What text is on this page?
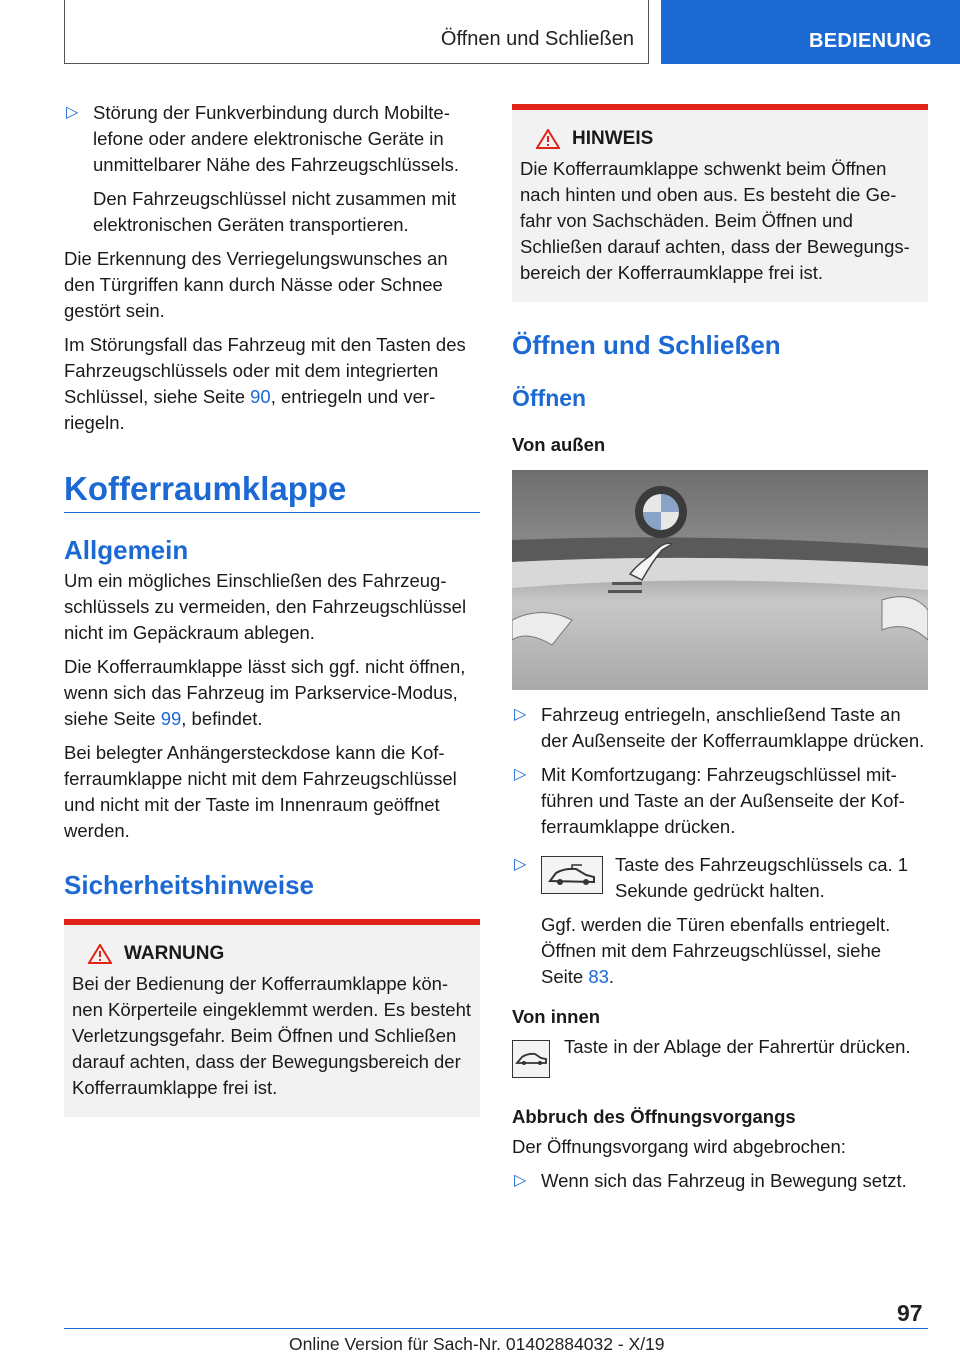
Öffnen und Schließen	BEDIENUNG
▷ Störung der Funkverbindung durch Mobiltelefone oder andere elektronische Geräte in unmittelbarer Nähe des Fahrzeugschlüssels.

Den Fahrzeugschlüssel nicht zusammen mit elektronischen Geräten transportieren.

Die Erkennung des Verriegelungswunsches an den Türgriffen kann durch Nässe oder Schnee gestört sein.

Im Störungsfall das Fahrzeug mit den Tasten des Fahrzeugschlüssels oder mit dem integrierten Schlüssel, siehe Seite 90, entriegeln und verriegeln.

Kofferraumklappe
Allgemein

Um ein mögliches Einschließen des Fahrzeugschlüssels zu vermeiden, den Fahrzeugschlüssel nicht im Gepäckraum ablegen.

Die Kofferraumklappe lässt sich ggf. nicht öffnen, wenn sich das Fahrzeug im Parkservice-Modus, siehe Seite 99, befindet.

Bei belegter Anhängersteckdose kann die Kofferraumklappe nicht mit dem Fahrzeugschlüssel und nicht mit der Taste im Innenraum geöffnet werden.

Sicherheitshinweise
WARNUNG

Bei der Bedienung der Kofferraumklappe können Körperteile eingeklemmt werden. Es besteht Verletzungsgefahr. Beim Öffnen und Schließen darauf achten, dass der Bewegungsbereich der Kofferraumklappe frei ist.

HINWEIS

Die Kofferraumklappe schwenkt beim Öffnen nach hinten und oben aus. Es besteht die Gefahr von Sachschäden. Beim Öffnen und Schließen darauf achten, dass der Bewegungsbereich der Kofferraumklappe frei ist.

Öffnen und Schließen
Öffnen
Von außen
▷ Fahrzeug entriegeln, anschließend Taste an der Außenseite der Kofferraumklappe drücken.

▷ Mit Komfortzugang: Fahrzeugschlüssel mitführen und Taste an der Außenseite der Kofferraumklappe drücken.

▷	Taste des Fahrzeugschlüssels ca. 1 Sekunde gedrückt halten.

Ggf. werden die Türen ebenfalls entriegelt. Öffnen mit dem Fahrzeugschlüssel, siehe Seite 83.

Von innen

Taste in der Ablage der Fahrertür drücken.

Abbruch des Öffnungsvorgangs

Der Öffnungsvorgang wird abgebrochen:

▷ Wenn sich das Fahrzeug in Bewegung setzt.

97
Online Version für Sach-Nr. 01402884032 - X/19
